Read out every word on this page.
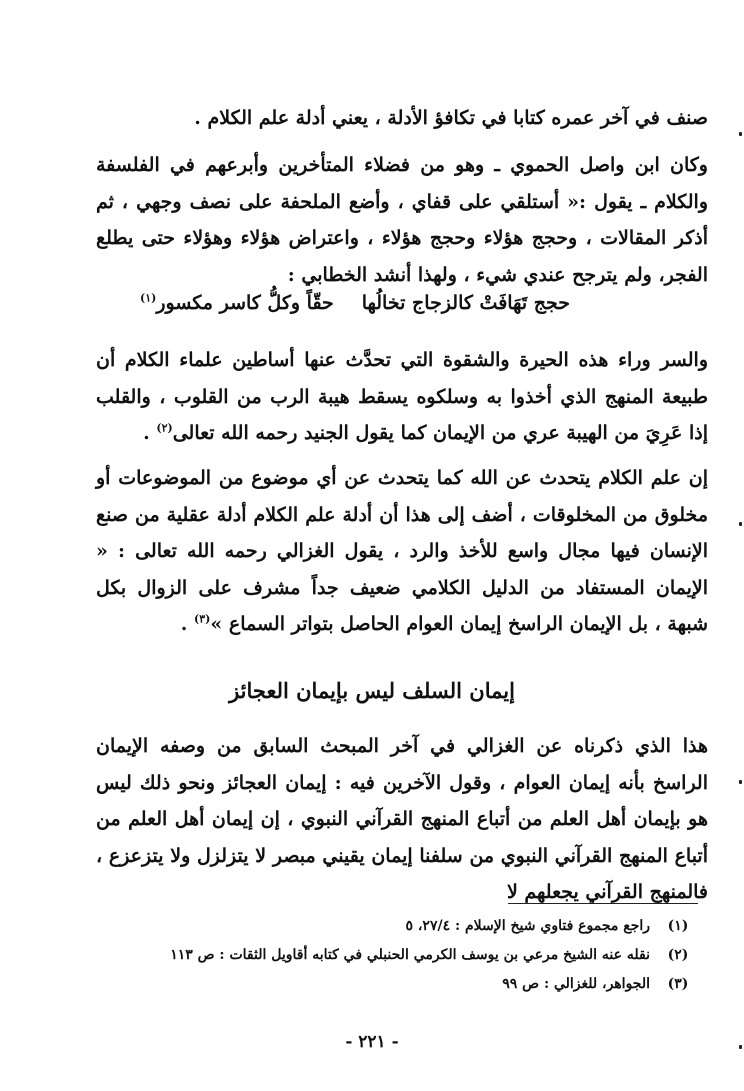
صنف في آخر عمره كتابا في تكافؤ الأدلة ، يعني أدلة علم الكلام .

وكان ابن واصل الحموي ـ وهو من فضلاء المتأخرين وأبرعهم في الفلسفة والكلام ـ يقول :« أستلقي على قفاي ، وأضع الملحفة على نصف وجهي ، ثم أذكر المقالات ، وحجج هؤلاء وحجج هؤلاء ، واعتراض هؤلاء وهؤلاء حتى يطلع الفجر، ولم يترجح عندي شيء ، ولهذا أنشد الخطابي :

حجج تَهَافَتْ كالزجاج تخالُها
حقّاً وكلُّ كاسر مكسور$^{(١)}$

والسر وراء هذه الحيرة والشقوة التي تحدَّث عنها أساطين علماء الكلام أن طبيعة المنهج الذي أخذوا به وسلكوه يسقط هيبة الرب من القلوب ، والقلب إذا عَرِيَ من الهيبة عري من الإيمان كما يقول الجنيد رحمه الله تعالى$^{(٢)}$ .

إن علم الكلام يتحدث عن الله كما يتحدث عن أي موضوع من الموضوعات أو مخلوق من المخلوقات ، أضف إلى هذا أن أدلة علم الكلام أدلة عقلية من صنع الإنسان فيها مجال واسع للأخذ والرد ، يقول الغزالي رحمه الله تعالى : « الإيمان المستفاد من الدليل الكلامي ضعيف جداً مشرف على الزوال بكل شبهة ، بل الإيمان الراسخ إيمان العوام الحاصل بتواتر السماع »$^{(٣)}$ .

إيمان السلف ليس بإيمان العجائز

هذا الذي ذكرناه عن الغزالي في آخر المبحث السابق من وصفه الإيمان الراسخ بأنه إيمان العوام ، وقول الآخرين فيه : إيمان العجائز ونحو ذلك ليس هو بإيمان أهل العلم من أتباع المنهج القرآني النبوي ، إن إيمان أهل العلم من أتباع المنهج القرآني النبوي من سلفنا إيمان يقيني مبصر لا يتزلزل ولا يتزعزع ، فالمنهج القرآني يجعلهم لا

(١)
راجع مجموع فتاوي شيخ الإسلام : ٢٧/٤، ٥
(٢)
نقله عنه الشيخ مرعي بن يوسف الكرمي الحنبلي في كتابه أقاويل الثقات : ص ١١٣
(٣)
الجواهر، للغزالي : ص ٩٩
- ٢٢١ -
